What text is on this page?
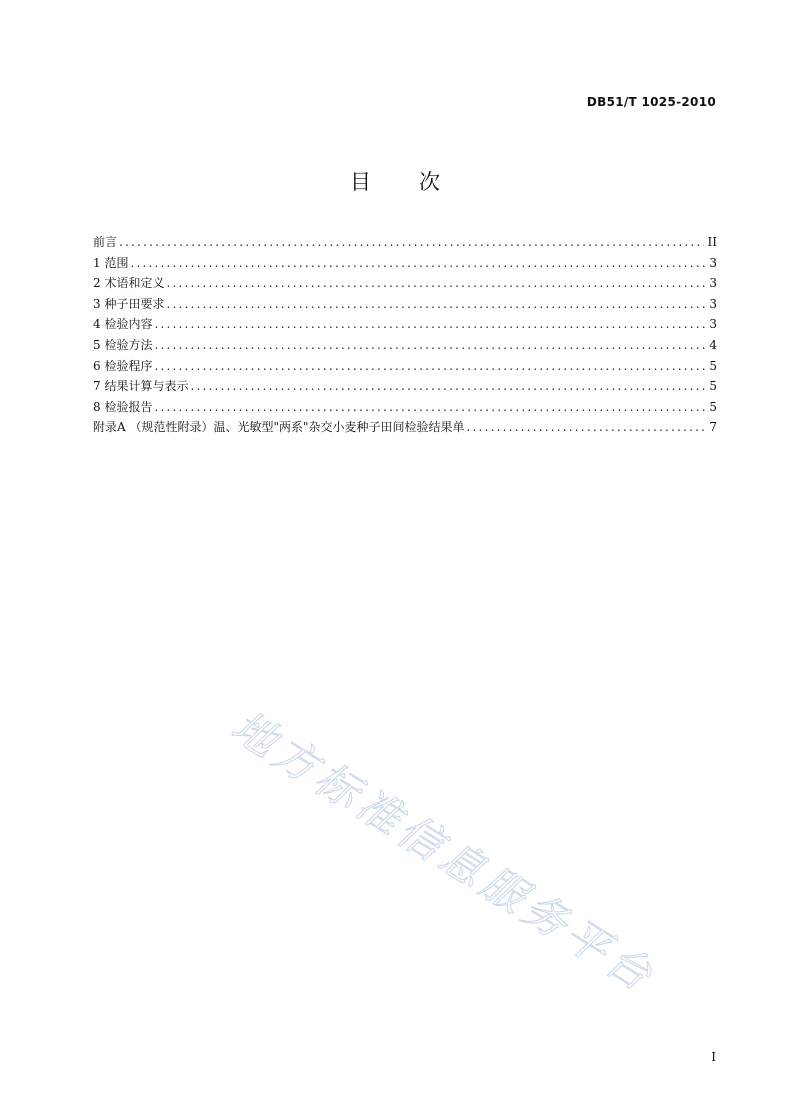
DB51/T 1025-2010
目 次
前言 .....	II
1 范围 .....	3
2 术语和定义 .....	3
3 种子田要求 .....	3
4 检验内容 .....	3
5 检验方法 .....	4
6 检验程序 .....	5
7 结果计算与表示 .....	5
8 检验报告 .....	5
附录A （规范性附录）温、光敏型"两系"杂交小麦种子田间检验结果单 .....	7
地方标准信息服务平台
I
